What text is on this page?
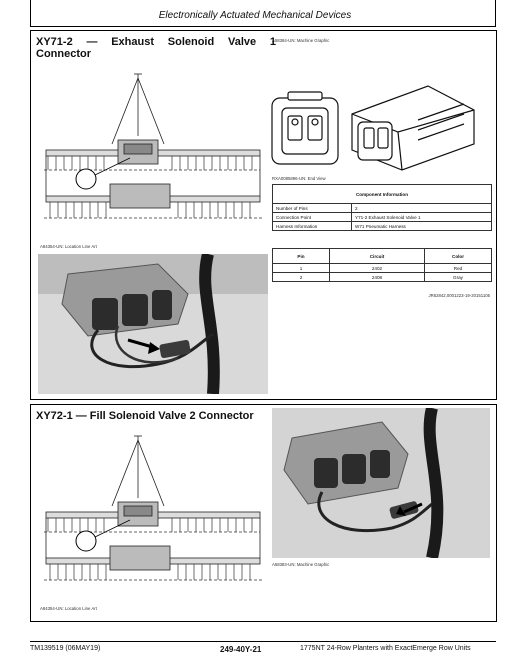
Electronically Actuated Mechanical Devices
XY71-2 — Exhaust Solenoid Valve 1
Connector
A84354-UN: Location Line Art
A58384-UN: Machine Graphic
RXA0085896-UN: End View
Component Information	
Number of Pins	2
Connection Point	Y71-2 Exhaust Solenoid Valve 1
Harness Information	W71 Pneumatic Harness
Pin	Circuit	Color
1	2402	Red
2	2408	Gray
JR62842,0001223-19-20151105
XY72-1 — Fill Solenoid Valve 2 Connector
A84354-UN: Location Line Art
A58383-UN: Machine Graphic
TM139519 (06MAY19)	249-40Y-21	1775NT 24-Row Planters with ExactEmerge Row Units
